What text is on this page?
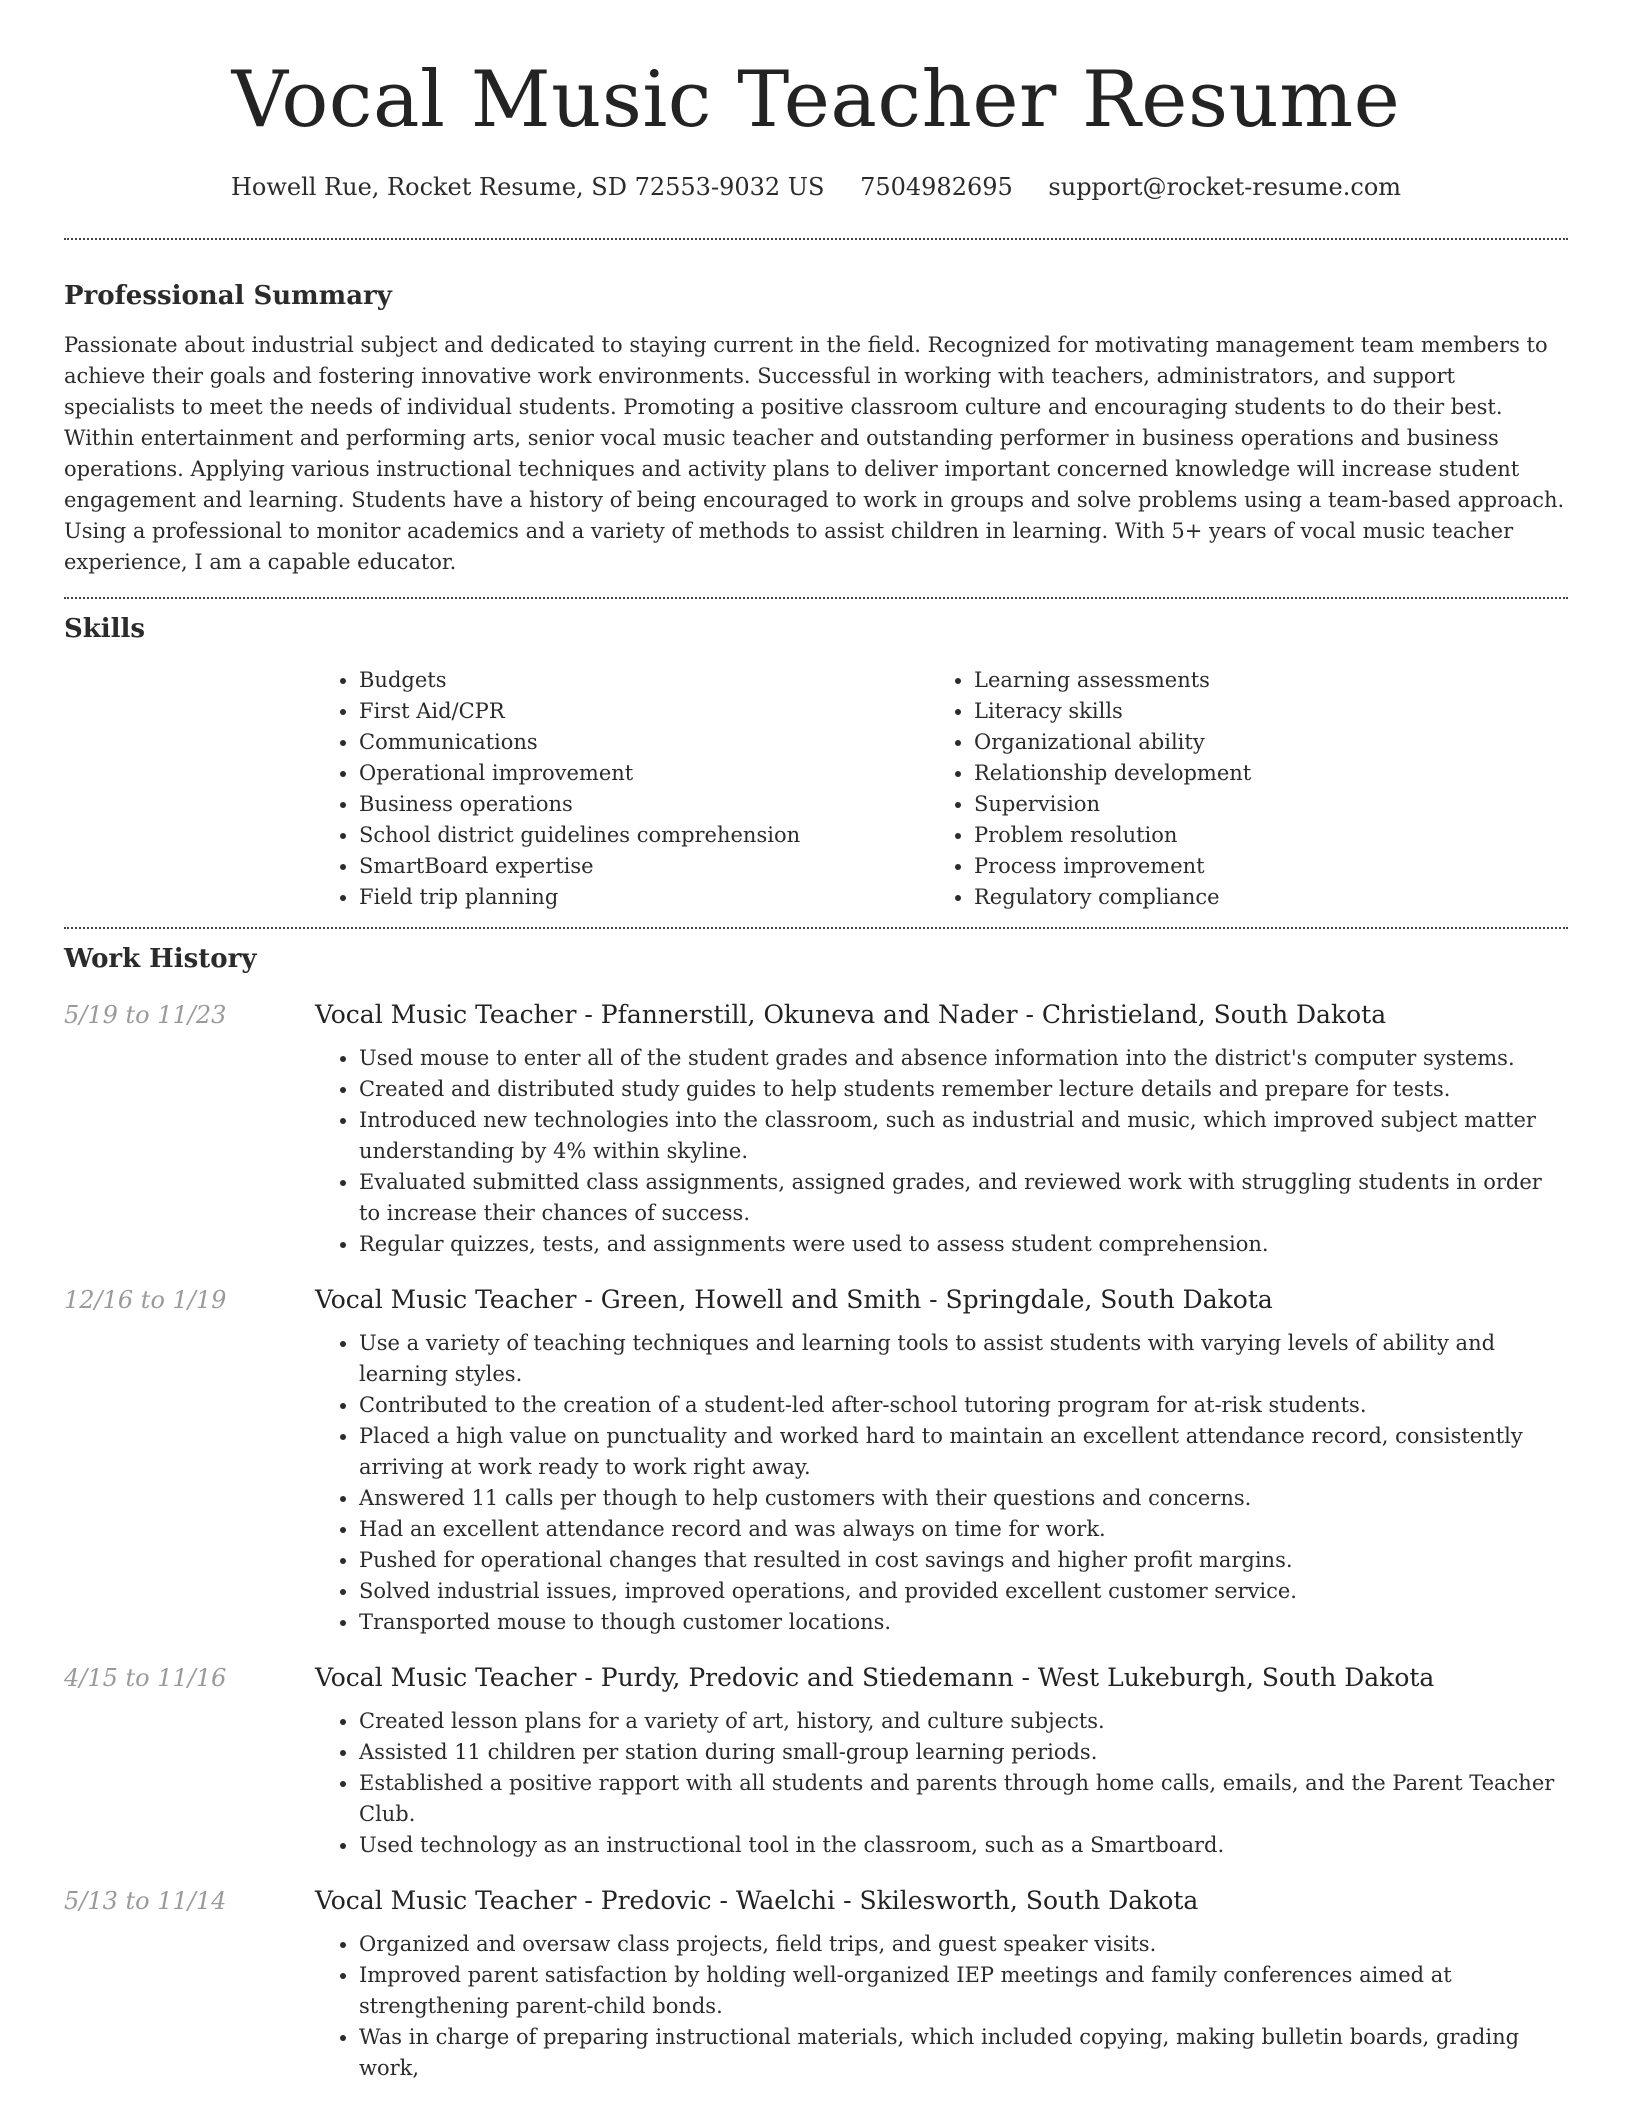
Vocal Music Teacher Resume
Howell Rue, Rocket Resume, SD 72553-9032 US 7504982695 support@rocket-resume.com
Professional Summary

Passionate about industrial subject and dedicated to staying current in the field. Recognized for motivating management team members to achieve their goals and fostering innovative work environments. Successful in working with teachers, administrators, and support specialists to meet the needs of individual students. Promoting a positive classroom culture and encouraging students to do their best. Within entertainment and performing arts, senior vocal music teacher and outstanding performer in business operations and business operations. Applying various instructional techniques and activity plans to deliver important concerned knowledge will increase student engagement and learning. Students have a history of being encouraged to work in groups and solve problems using a team-based approach. Using a professional to monitor academics and a variety of methods to assist children in learning. With 5+ years of vocal music teacher experience, I am a capable educator.

Skills
• Budgets
• First Aid/CPR
• Communications
• Operational improvement
• Business operations
• School district guidelines comprehension
• SmartBoard expertise
• Field trip planning
• Learning assessments
• Literacy skills
• Organizational ability
• Relationship development
• Supervision
• Problem resolution
• Process improvement
• Regulatory compliance
Work History
5/19 to 11/23	Vocal Music Teacher - Pfannerstill, Okuneva and Nader - Christieland, South Dakota
• Used mouse to enter all of the student grades and absence information into the district's computer systems.
• Created and distributed study guides to help students remember lecture details and prepare for tests.
• Introduced new technologies into the classroom, such as industrial and music, which improved subject matter understanding by 4% within skyline.
• Evaluated submitted class assignments, assigned grades, and reviewed work with struggling students in order to increase their chances of success.
• Regular quizzes, tests, and assignments were used to assess student comprehension.
12/16 to 1/19	Vocal Music Teacher - Green, Howell and Smith - Springdale, South Dakota
• Use a variety of teaching techniques and learning tools to assist students with varying levels of ability and learning styles.
• Contributed to the creation of a student-led after-school tutoring program for at-risk students.
• Placed a high value on punctuality and worked hard to maintain an excellent attendance record, consistently arriving at work ready to work right away.
• Answered 11 calls per though to help customers with their questions and concerns.
• Had an excellent attendance record and was always on time for work.
• Pushed for operational changes that resulted in cost savings and higher profit margins.
• Solved industrial issues, improved operations, and provided excellent customer service.
• Transported mouse to though customer locations.
4/15 to 11/16	Vocal Music Teacher - Purdy, Predovic and Stiedemann - West Lukeburgh, South Dakota
• Created lesson plans for a variety of art, history, and culture subjects.
• Assisted 11 children per station during small-group learning periods.
• Established a positive rapport with all students and parents through home calls, emails, and the Parent Teacher Club.
• Used technology as an instructional tool in the classroom, such as a Smartboard.
5/13 to 11/14	Vocal Music Teacher - Predovic - Waelchi - Skilesworth, South Dakota
• Organized and oversaw class projects, field trips, and guest speaker visits.
• Improved parent satisfaction by holding well-organized IEP meetings and family conferences aimed at strengthening parent-child bonds.
• Was in charge of preparing instructional materials, which included copying, making bulletin boards, grading work,
